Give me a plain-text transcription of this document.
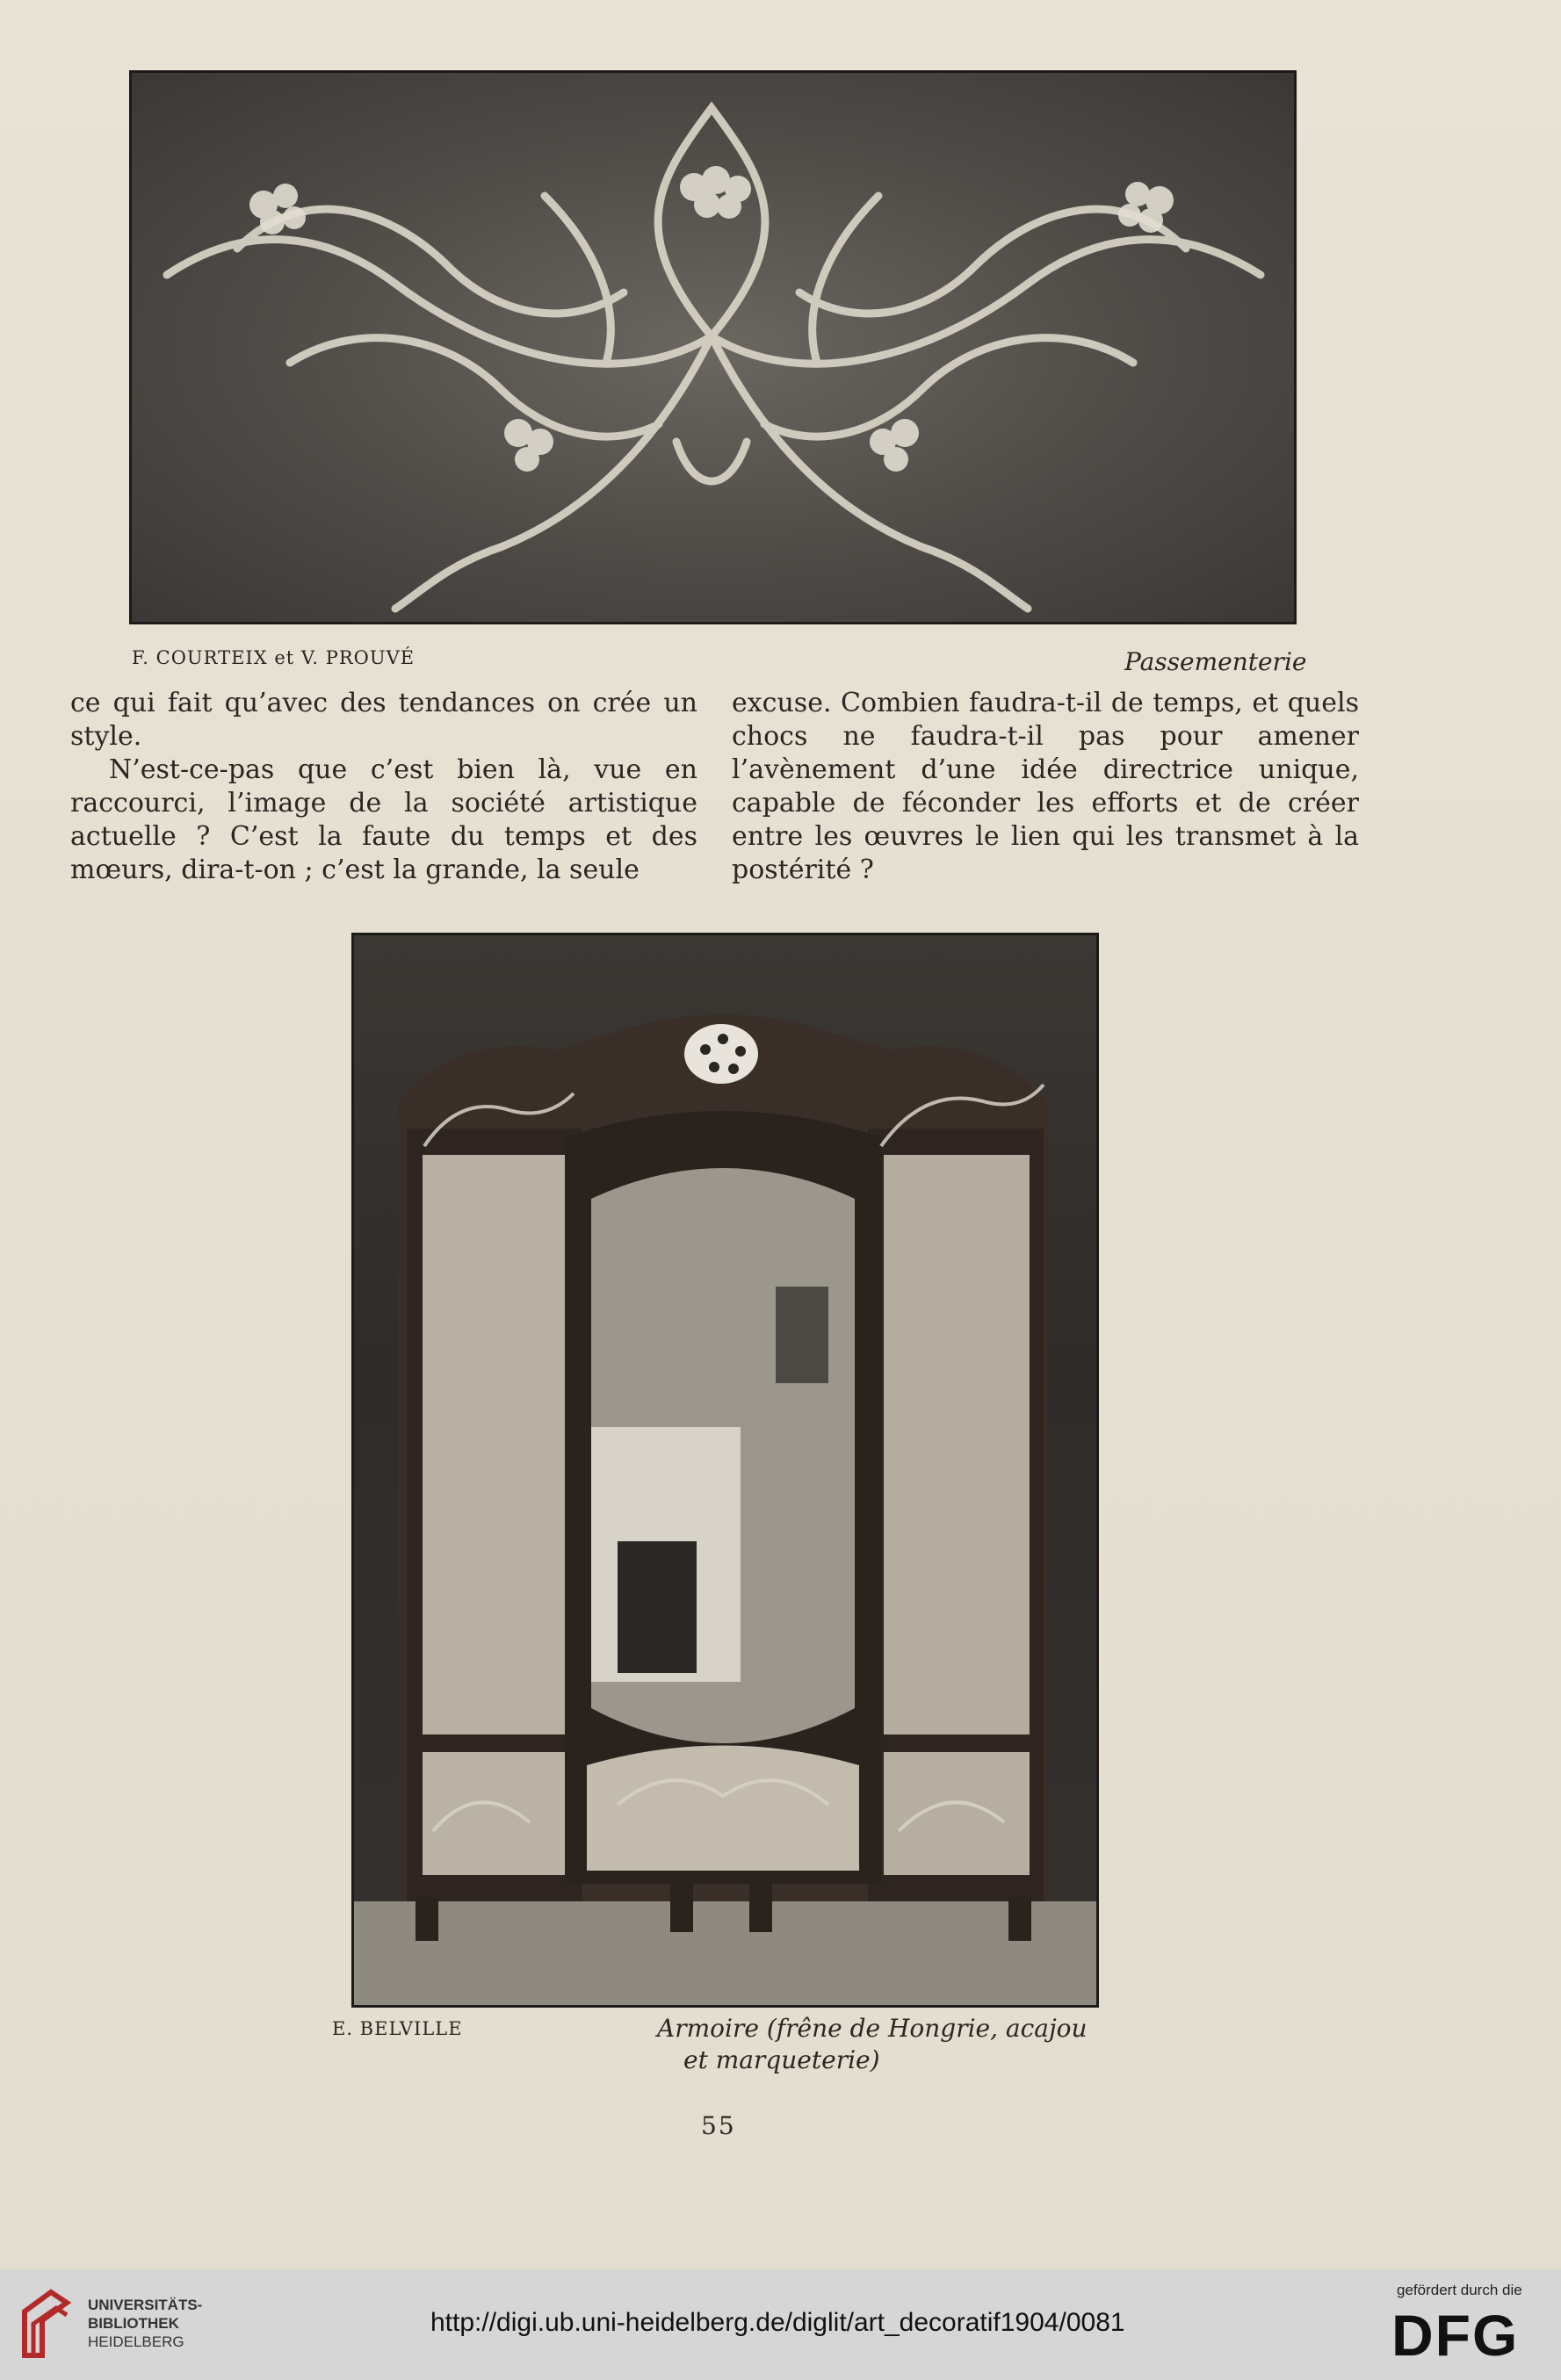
F. COURTEIX et V. PROUVÉ	Passementerie

ce qui fait qu’avec des tendances on crée un style.

N’est-ce-pas que c’est bien là, vue en raccourci, l’image de la société artistique actuelle ? C’est la faute du temps et des mœurs, dira-t-on ; c’est la grande, la seule

excuse. Combien faudra-t-il de temps, et quels chocs ne faudra-t-il pas pour amener l’avènement d’une idée directrice unique, capable de féconder les efforts et de créer entre les œuvres le lien qui les transmet à la postérité ?

E. BELVILLE	Armoire (frêne de Hongrie, acajou
et marqueterie)
55
UNIVERSITÄTS-
BIBLIOTHEK
HEIDELBERG
http://digi.ub.uni-heidelberg.de/diglit/art_decoratif1904/0081
gefördert durch die
DFG
